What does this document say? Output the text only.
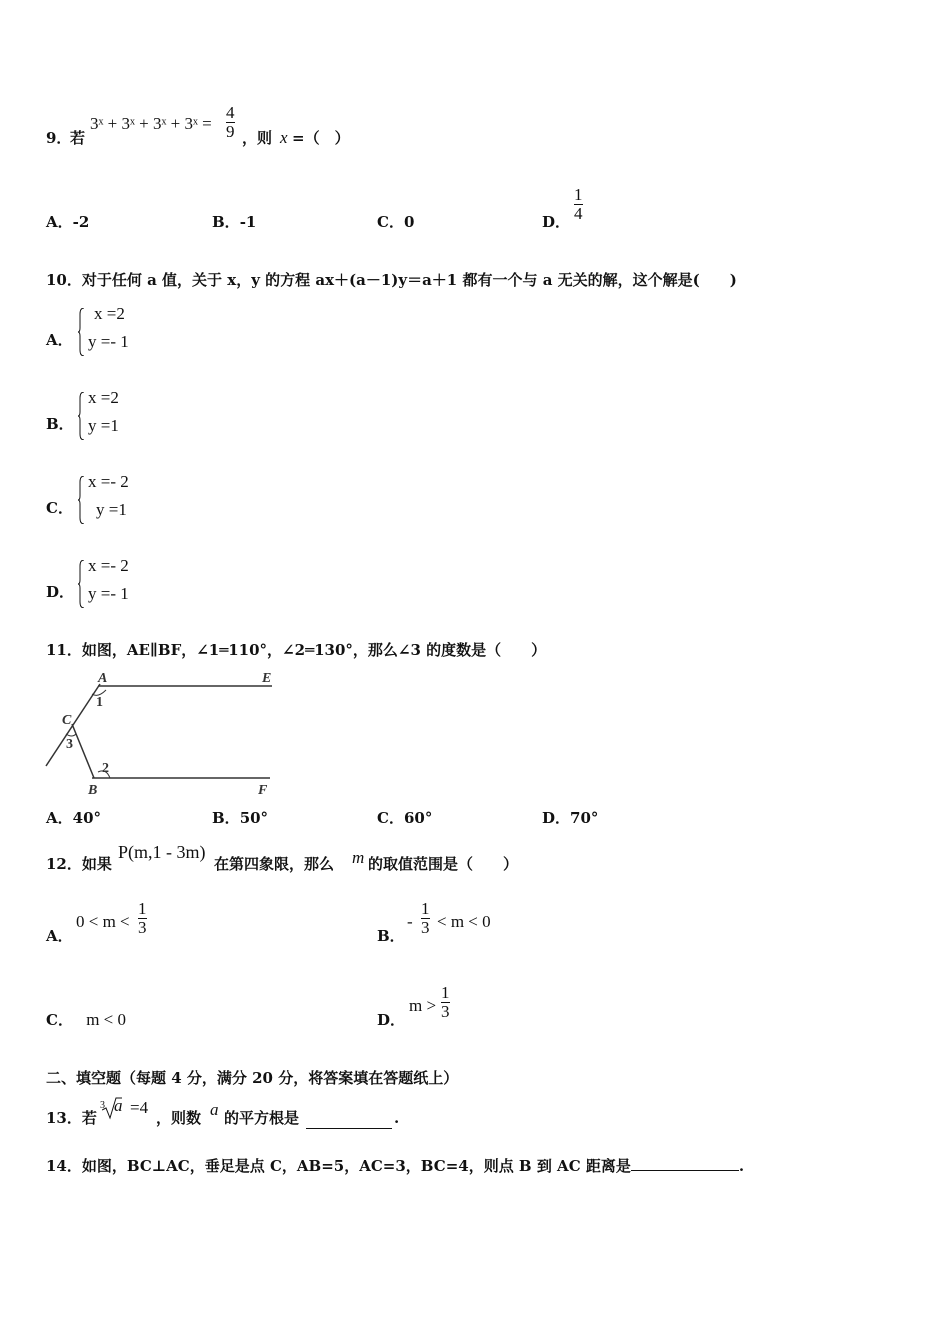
9．
若
3ˣ + 3ˣ + 3ˣ + 3ˣ =
4
9 ，则 x =（　）
A．-2	B．-1	C．0	D．
1
4
10．对于任何 a 值，关于 x，y 的方程 ax＋(a－1)y＝a＋1 都有一个与 a 无关的解，这个解是(　　)
A．
x =2
y =- 1
B．
x =2
y =1
C．
x =- 2
y =1
D．
x =- 2
y =- 1
11．如图，AE∥BF，∠1═110°，∠2═130°，那么∠3 的度数是（　　）
A	E
C
B	F
1
2
3
A．40°	B．50°	C．60°	D．70°
12．如果
P(m,1 - 3m)
在第四象限，那么 m 的取值范围是（　　）
A．
0 < m <
1
3	B．
-
1
3 < m < 0
C． m < 0	D．
m >
1
3
二、填空题（每题 4 分，满分 20 分，将答案填在答题纸上）
13．若
3 a =4
，则数 a 的平方根是	.
14．如图，BC⊥AC，垂足是点 C，AB=5，AC=3，BC=4，则点 B 到 AC 距离是	.
